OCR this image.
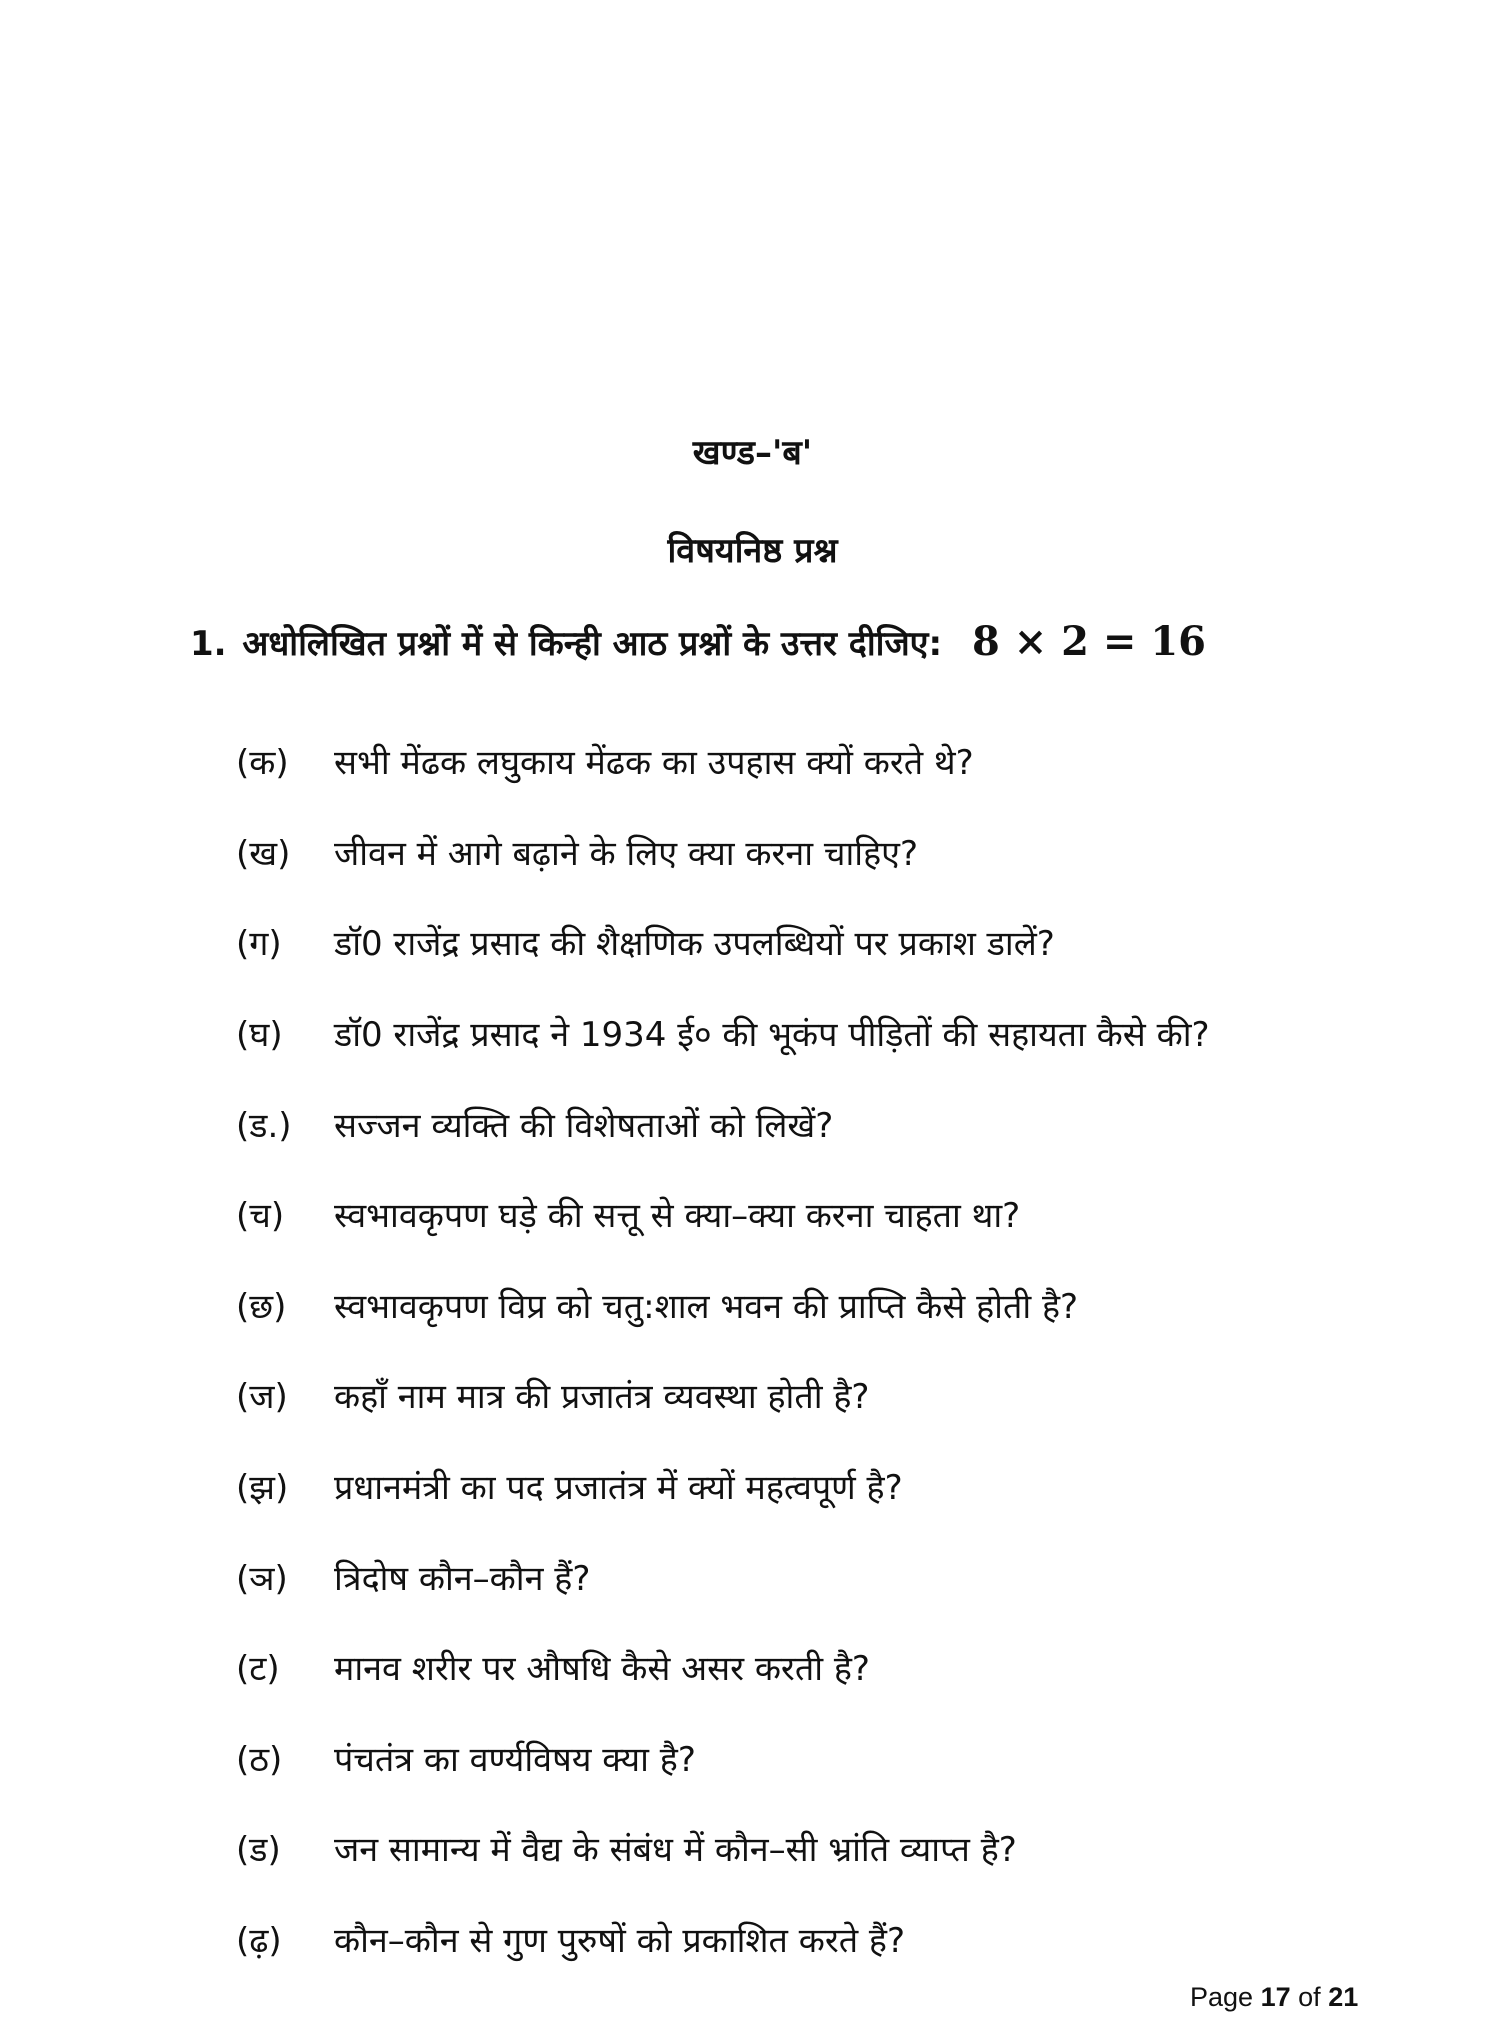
खण्ड–'ब'
विषयनिष्ठ प्रश्न
1. अधोलिखित प्रश्नों में से किन्ही आठ प्रश्नों के उत्तर दीजिए: 8 × 2 = 16
(क)	सभी मेंढक लघुकाय मेंढक का उपहास क्यों करते थे?
(ख)	जीवन में आगे बढ़ाने के लिए क्या करना चाहिए?
(ग)	डॉ0 राजेंद्र प्रसाद की शैक्षणिक उपलब्धियों पर प्रकाश डालें?
(घ)	डॉ0 राजेंद्र प्रसाद ने 1934 ई० की भूकंप पीड़ितों की सहायता कैसे की?
(ड.)	सज्जन व्यक्ति की विशेषताओं को लिखें?
(च)	स्वभावकृपण घड़े की सत्तू से क्या–क्या करना चाहता था?
(छ)	स्वभावकृपण विप्र को चतु:शाल भवन की प्राप्ति कैसे होती है?
(ज)	कहाँ नाम मात्र की प्रजातंत्र व्यवस्था होती है?
(झ)	प्रधानमंत्री का पद प्रजातंत्र में क्यों महत्वपूर्ण है?
(ञ)	त्रिदोष कौन–कौन हैं?
(ट)	मानव शरीर पर औषधि कैसे असर करती है?
(ठ)	पंचतंत्र का वर्ण्यविषय क्या है?
(ड)	जन सामान्य में वैद्य के संबंध में कौन–सी भ्रांति व्याप्त है?
(ढ़)	कौन–कौन से गुण पुरुषों को प्रकाशित करते हैं?
Page 17 of 21
